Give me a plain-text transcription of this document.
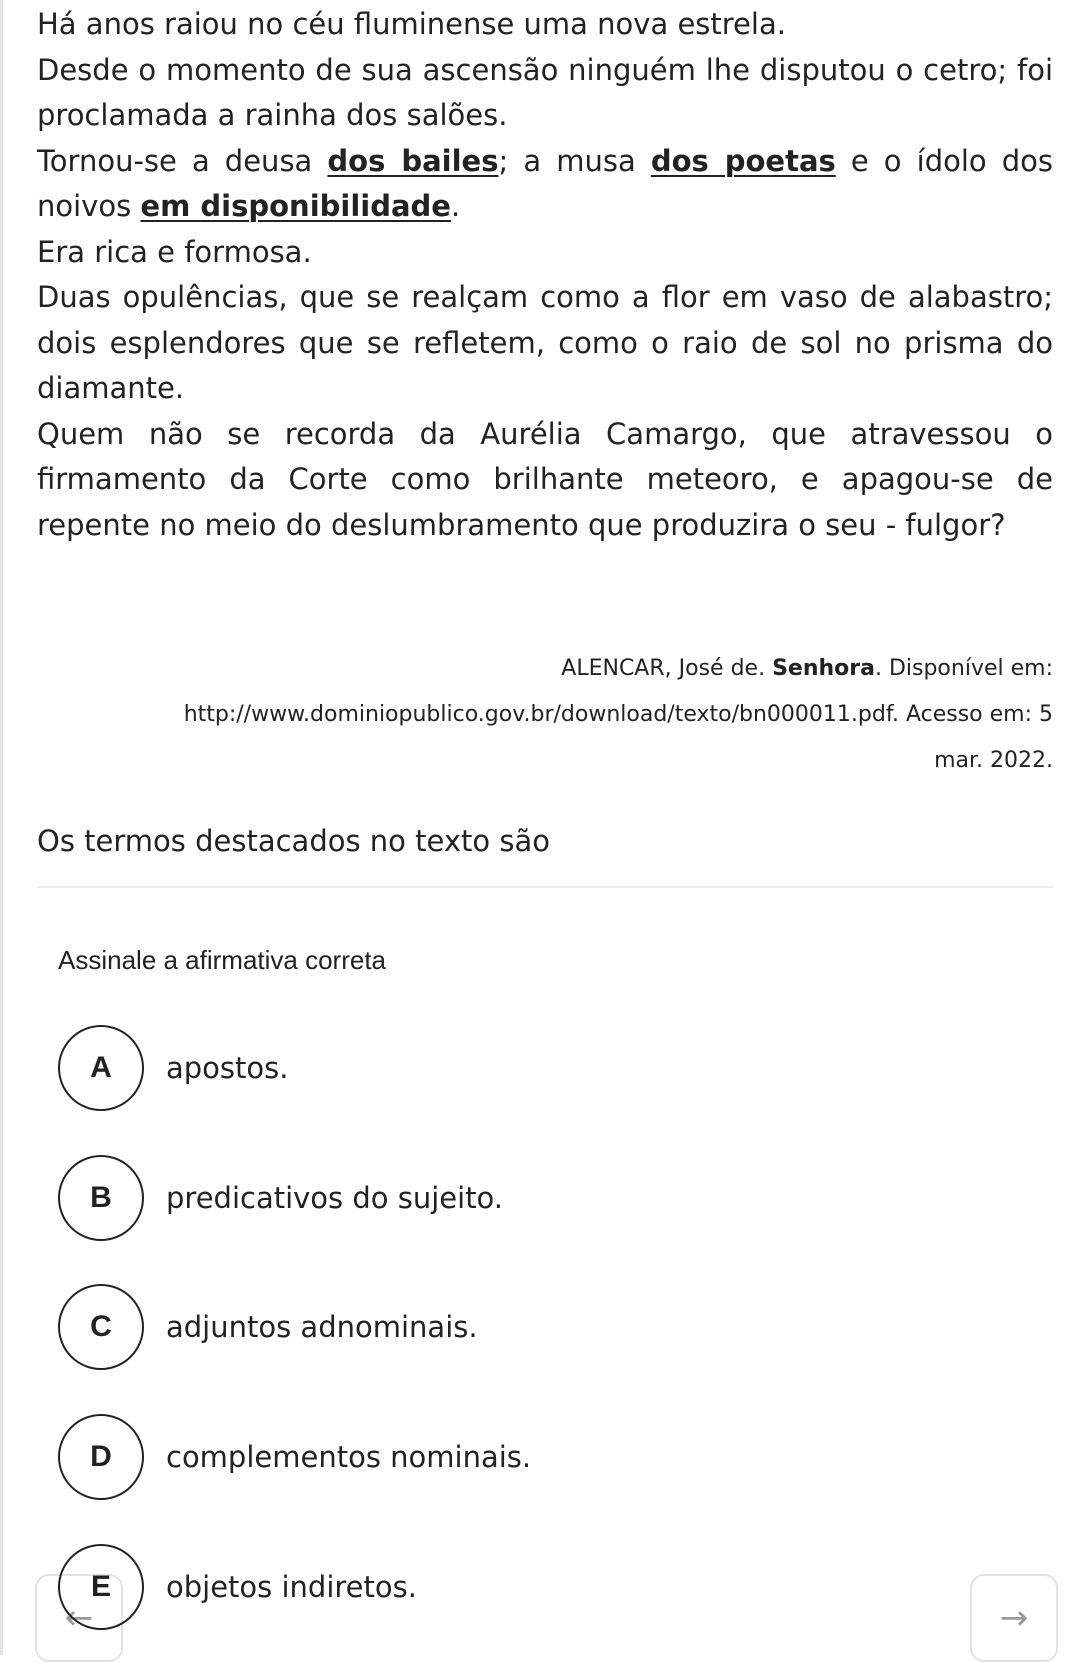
Há anos raiou no céu fluminense uma nova estrela.

Desde o momento de sua ascensão ninguém lhe disputou o cetro; foi proclamada a rainha dos salões.

Tornou-se a deusa dos bailes; a musa dos poetas e o ídolo dos noivos em disponibilidade.

Era rica e formosa.

Duas opulências, que se realçam como a flor em vaso de alabastro; dois esplendores que se refletem, como o raio de sol no prisma do diamante.

Quem não se recorda da Aurélia Camargo, que atravessou o firmamento da Corte como brilhante meteoro, e apagou-se de repente no meio do deslumbramento que produzira o seu - fulgor?

ALENCAR, José de. Senhora. Disponível em:

http://www.dominiopublico.gov.br/download/texto/bn000011.pdf. Acesso em: 5

mar. 2022.

Os termos destacados no texto são
Assinale a afirmativa correta
A	apostos.
B	predicativos do sujeito.
C	adjuntos adnominais.
D	complementos nominais.
←
E	objetos indiretos.
→
